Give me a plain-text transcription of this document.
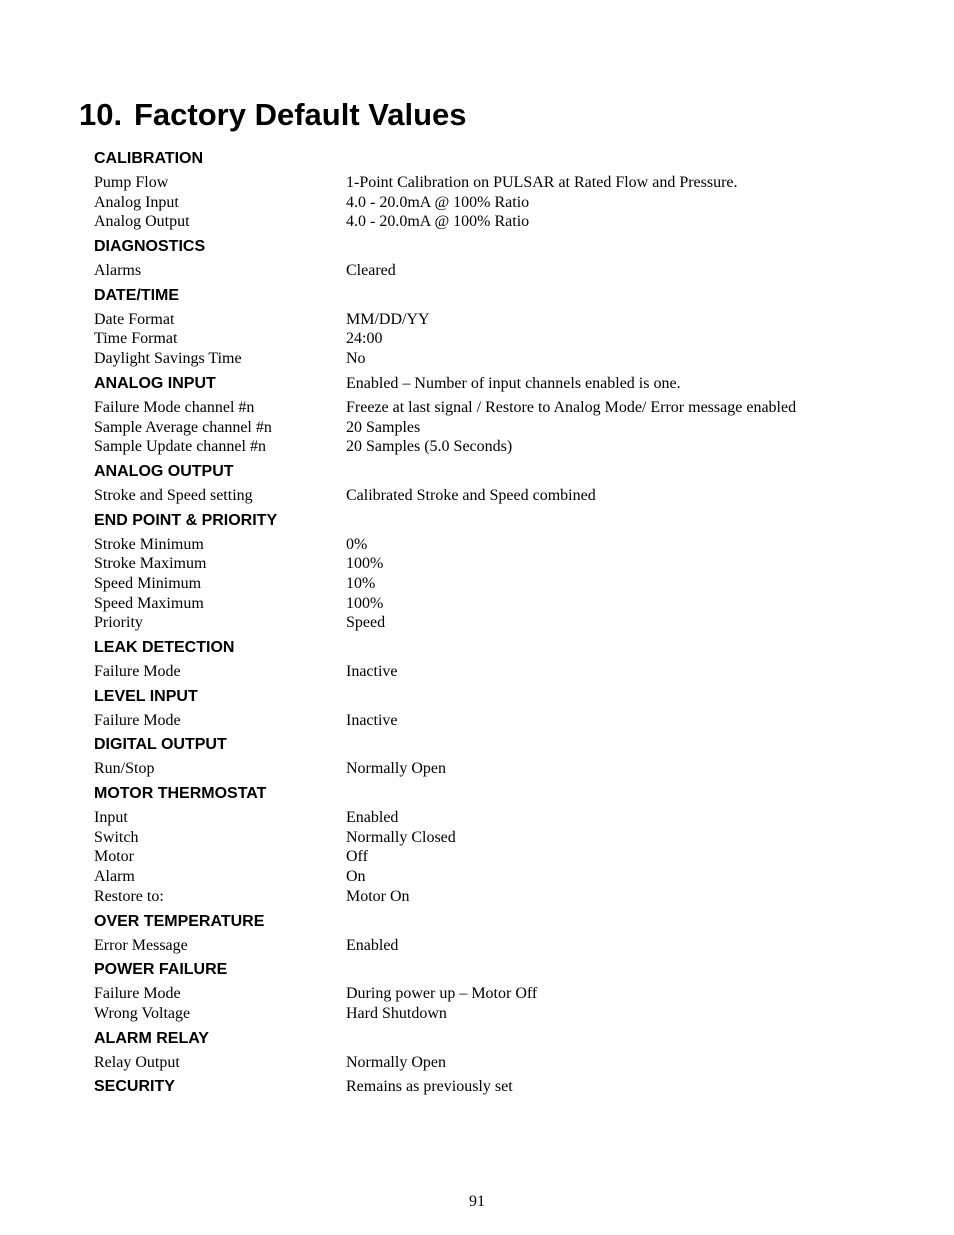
10. Factory Default Values
CALIBRATION
Pump Flow	1-Point Calibration on PULSAR at Rated Flow and Pressure.
Analog Input	4.0 - 20.0mA @ 100% Ratio
Analog Output	4.0 - 20.0mA @ 100% Ratio
DIAGNOSTICS
Alarms	Cleared
DATE/TIME
Date Format	MM/DD/YY
Time Format	24:00
Daylight Savings Time	No
ANALOG INPUT	Enabled – Number of input channels enabled is one.
Failure Mode channel #n	Freeze at last signal / Restore to Analog Mode/ Error message enabled
Sample Average channel #n	20 Samples
Sample Update channel #n	20 Samples (5.0 Seconds)
ANALOG OUTPUT
Stroke and Speed setting	Calibrated Stroke and Speed combined
END POINT & PRIORITY
Stroke Minimum	0%
Stroke Maximum	100%
Speed Minimum	10%
Speed Maximum	100%
Priority	Speed
LEAK DETECTION
Failure Mode	Inactive
LEVEL INPUT
Failure Mode	Inactive
DIGITAL OUTPUT
Run/Stop	Normally Open
MOTOR THERMOSTAT
Input	Enabled
Switch	Normally Closed
Motor	Off
Alarm	On
Restore to:	Motor On
OVER TEMPERATURE
Error Message	Enabled
POWER FAILURE
Failure Mode	During power up – Motor Off
Wrong Voltage	Hard Shutdown
ALARM RELAY
Relay Output	Normally Open
SECURITY	Remains as previously set
91
